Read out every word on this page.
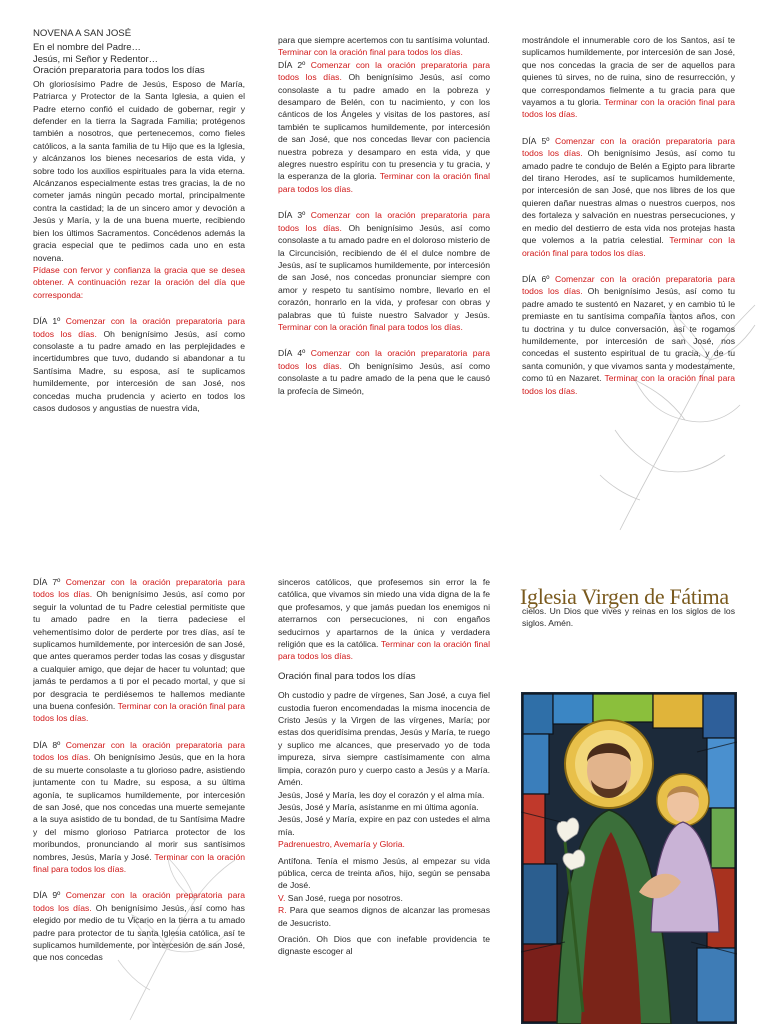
NOVENA A SAN JOSÉ

En el nombre del Padre…

Jesús, mi Señor y Redentor…

Oración preparatoria para todos los días

Oh gloriosísimo Padre de Jesús, Esposo de María, Patriarca y Protector de la Santa Iglesia, a quien el Padre eterno confió el cuidado de gobernar, regir y defender en la tierra la Sagrada Familia; protégenos también a nosotros, que pertenecemos, como fieles católicos, a la santa familia de tu Hijo que es la Iglesia, y alcánzanos los bienes necesarios de esta vida, y sobre todo los auxilios espirituales para la vida eterna. Alcánzanos especialmente estas tres gracias, la de no cometer jamás ningún pecado mortal, principalmente contra la castidad; la de un sincero amor y devoción a Jesús y María, y la de una buena muerte, recibiendo bien los últimos Sacramentos. Concédenos además la gracia especial que te pedimos cada uno en esta novena.

Pídase con fervor y confianza la gracia que se desea obtener. A continuación rezar la oración del día que corresponda:

DÍA 1º Comenzar con la oración preparatoria para todos los días. Oh benignísimo Jesús, así como consolaste a tu padre amado en las perplejidades e incertidumbres que tuvo, dudando si abandonar a tu Santísima Madre, su esposa, así te suplicamos humildemente, por intercesión de san José, nos concedas mucha prudencia y acierto en todos los casos dudosos y angustias de nuestra vida,

para que siempre acertemos con tu santísima voluntad.

Terminar con la oración final para todos los días.

DÍA 2º Comenzar con la oración preparatoria para todos los días. Oh benignísimo Jesús, así como consolaste a tu padre amado en la pobreza y desamparo de Belén, con tu nacimiento, y con los cánticos de los Ángeles y visitas de los pastores, así también te suplicamos humildemente, por intercesión de san José, que nos concedas llevar con paciencia nuestra pobreza y desamparo en esta vida, y que alegres nuestro espíritu con tu presencia y tu gracia, y la esperanza de la gloria. Terminar con la oración final para todos los días.

DÍA 3º Comenzar con la oración preparatoria para todos los días. Oh benignísimo Jesús, así como consolaste a tu amado padre en el doloroso misterio de la Circuncisión, recibiendo de él el dulce nombre de Jesús, así te suplicamos humildemente, por intercesión de san José, nos concedas pronunciar siempre con amor y respeto tu santísimo nombre, llevarlo en el corazón, honrarlo en la vida, y profesar con obras y palabras que tú fuiste nuestro Salvador y Jesús. Terminar con la oración final para todos los días.

DÍA 4º Comenzar con la oración preparatoria para todos los días. Oh benignísimo Jesús, así como consolaste a tu padre amado de la pena que le causó la profecía de Simeón,

mostrándole el innumerable coro de los Santos, así te suplicamos humildemente, por intercesión de san José, que nos concedas la gracia de ser de aquellos para quienes tú sirves, no de ruina, sino de resurrección, y que correspondamos fielmente a tu gracia para que vayamos a tu gloria. Terminar con la oración final para todos los días.

DÍA 5º Comenzar con la oración preparatoria para todos los días. Oh benignísimo Jesús, así como tu amado padre te condujo de Belén a Egipto para librarte del tirano Herodes, así te suplicamos humildemente, por intercesión de san José, que nos libres de los que quieren dañar nuestras almas o nuestros cuerpos, nos des fortaleza y salvación en nuestras persecuciones, y en medio del destierro de esta vida nos protejas hasta que volemos a la patria celestial. Terminar con la oración final para todos los días.

DÍA 6º Comenzar con la oración preparatoria para todos los días. Oh benignísimo Jesús, así como tu padre amado te sustentó en Nazaret, y en cambio tú le premiaste en tu santísima compañía tantos años, con tu doctrina y tu dulce conversación, así te rogamos humildemente, por intercesión de san José, nos concedas el sustento espiritual de tu gracia, y de tu santa comunión, y que vivamos santa y modestamente, como tú en Nazaret. Terminar con la oración final para todos los días.

DÍA 7º Comenzar con la oración preparatoria para todos los días. Oh benignísimo Jesús, así como por seguir la voluntad de tu Padre celestial permitiste que tu amado padre en la tierra padeciese el vehementísimo dolor de perderte por tres días, así te suplicamos humildemente, por intercesión de san José, que antes queramos perder todas las cosas y disgustar a cualquier amigo, que dejar de hacer tu voluntad; que jamás te perdamos a ti por el pecado mortal, y que si por desgracia te perdiésemos te hallemos mediante una buena confesión. Terminar con la oración final para todos los días.

DÍA 8º Comenzar con la oración preparatoria para todos los días. Oh benignísimo Jesús, que en la hora de su muerte consolaste a tu glorioso padre, asistiendo juntamente con tu Madre, su esposa, a su última agonía, te suplicamos humildemente, por intercesión de san José, que nos concedas una muerte semejante a la suya asistido de tu bondad, de tu Santísima Madre y del mismo glorioso Patriarca protector de los moribundos, pronunciando al morir sus santísimos nombres, Jesús, María y José. Terminar con la oración final para todos los días.

DÍA 9º Comenzar con la oración preparatoria para todos los días. Oh benignísimo Jesús, así como has elegido por medio de tu Vicario en la tierra a tu amado padre para protector de tu santa Iglesia católica, así te suplicamos humildemente, por intercesión de san José, que nos concedas

sinceros católicos, que profesemos sin error la fe católica, que vivamos sin miedo una vida digna de la fe que profesamos, y que jamás puedan los enemigos ni aterrarnos con persecuciones, ni con engaños seducirnos y apartarnos de la única y verdadera religión que es la católica. Terminar con la oración final para todos los días.

Oración final para todos los días

Oh custodio y padre de vírgenes, San José, a cuya fiel custodia fueron encomendadas la misma inocencia de Cristo Jesús y la Virgen de las vírgenes, María; por estas dos queridísima prendas, Jesús y María, te ruego y suplico me alcances, que preservado yo de toda impureza, sirva siempre castísimamente con alma limpia, corazón puro y cuerpo casto a Jesús y a María. Amén.

Jesús, José y María, les doy el corazón y el alma mía.

Jesús, José y María, asístanme en mi última agonía.

Jesús, José y María, expire en paz con ustedes el alma mía.

Padrenuestro, Avemaría y Gloria.

Antífona. Tenía el mismo Jesús, al empezar su vida pública, cerca de treinta años, hijo, según se pensaba de José.

V. San José, ruega por nosotros.

R. Para que seamos dignos de alcanzar las promesas de Jesucristo.

Oración. Oh Dios que con inefable providencia te dignaste escoger al

Iglesia Virgen de Fátima

cielos. Un Dios que vives y reinas en los siglos de los siglos. Amén.
